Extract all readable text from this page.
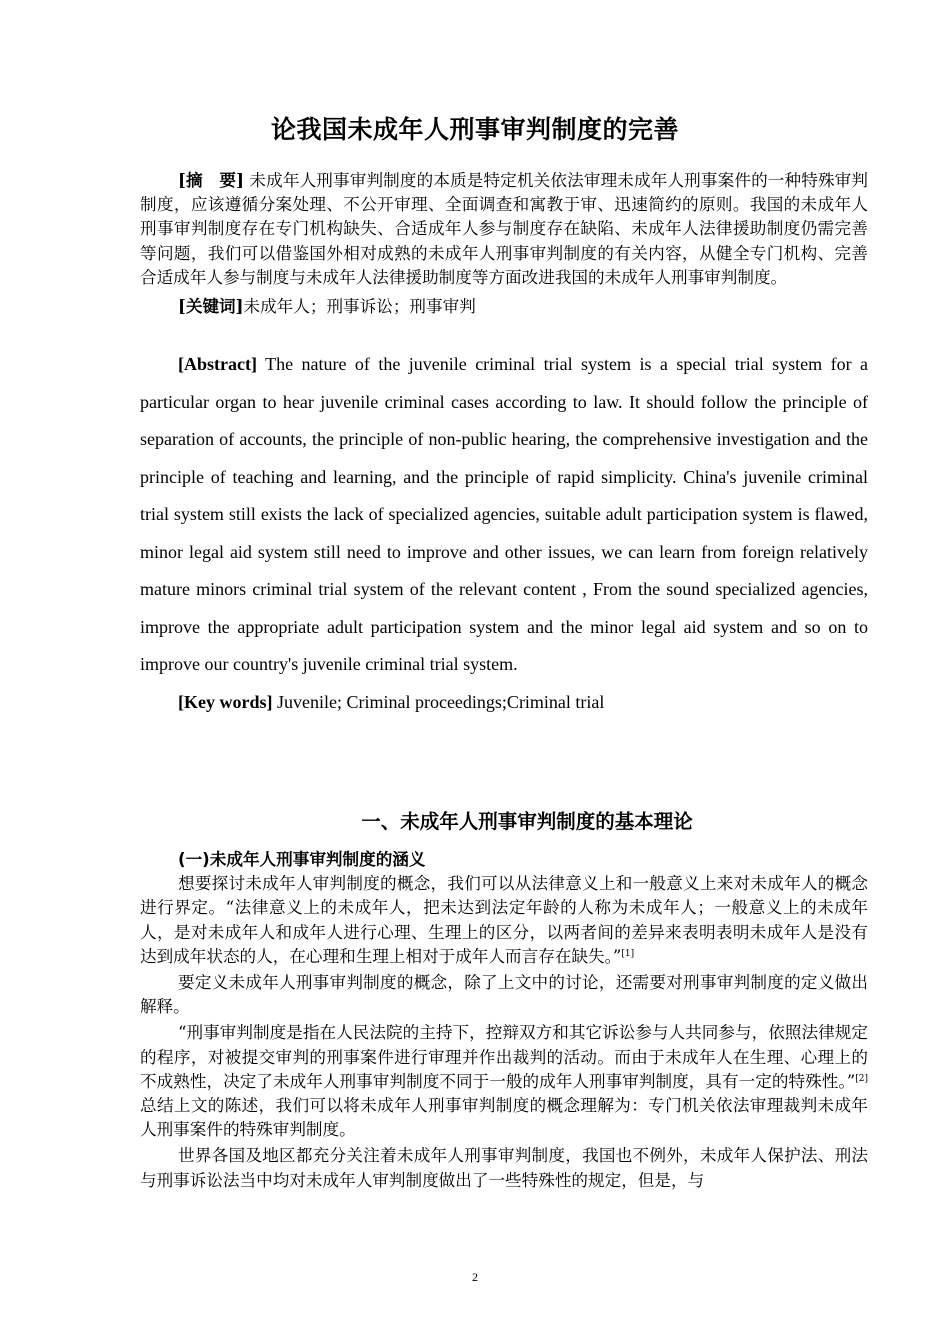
论我国未成年人刑事审判制度的完善

[摘　要] 未成年人刑事审判制度的本质是特定机关依法审理未成年人刑事案件的一种特殊审判制度，应该遵循分案处理、不公开审理、全面调查和寓教于审、迅速简约的原则。我国的未成年人刑事审判制度存在专门机构缺失、合适成年人参与制度存在缺陷、未成年人法律援助制度仍需完善等问题，我们可以借鉴国外相对成熟的未成年人刑事审判制度的有关内容，从健全专门机构、完善合适成年人参与制度与未成年人法律援助制度等方面改进我国的未成年人刑事审判制度。

[关键词]未成年人；刑事诉讼；刑事审判

[Abstract] The nature of the juvenile criminal trial system is a special trial system for a particular organ to hear juvenile criminal cases according to law. It should follow the principle of separation of accounts, the principle of non-public hearing, the comprehensive investigation and the principle of teaching and learning, and the principle of rapid simplicity. China's juvenile criminal trial system still exists the lack of specialized agencies, suitable adult participation system is flawed, minor legal aid system still need to improve and other issues, we can learn from foreign relatively mature minors criminal trial system of the relevant content , From the sound specialized agencies, improve the appropriate adult participation system and the minor legal aid system and so on to improve our country's juvenile criminal trial system.

[Key words] Juvenile; Criminal proceedings;Criminal trial

一、未成年人刑事审判制度的基本理论

(一)未成年人刑事审判制度的涵义

想要探讨未成年人审判制度的概念，我们可以从法律意义上和一般意义上来对未成年人的概念进行界定。“法律意义上的未成年人，把未达到法定年龄的人称为未成年人；一般意义上的未成年人，是对未成年人和成年人进行心理、生理上的区分，以两者间的差异来表明表明未成年人是没有达到成年状态的人，在心理和生理上相对于成年人而言存在缺失。”[1]

要定义未成年人刑事审判制度的概念，除了上文中的讨论，还需要对刑事审判制度的定义做出解释。

“刑事审判制度是指在人民法院的主持下，控辩双方和其它诉讼参与人共同参与，依照法律规定的程序，对被提交审判的刑事案件进行审理并作出裁判的活动。而由于未成年人在生理、心理上的不成熟性，决定了未成年人刑事审判制度不同于一般的成年人刑事审判制度，具有一定的特殊性。”[2]总结上文的陈述，我们可以将未成年人刑事审判制度的概念理解为：专门机关依法审理裁判未成年人刑事案件的特殊审判制度。

世界各国及地区都充分关注着未成年人刑事审判制度，我国也不例外，未成年人保护法、刑法与刑事诉讼法当中均对未成年人审判制度做出了一些特殊性的规定，但是，与

2
